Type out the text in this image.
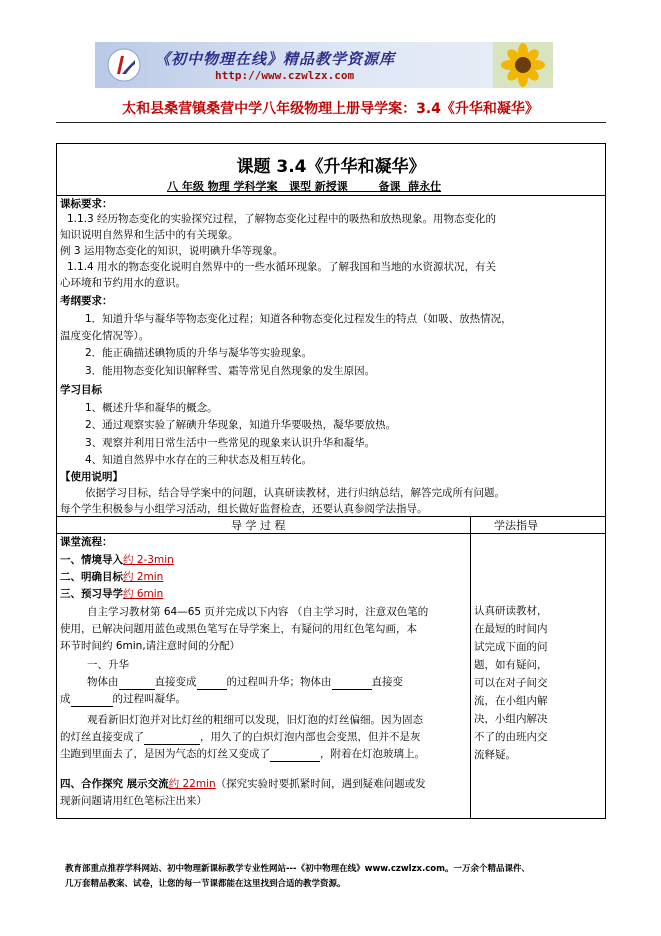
《初中物理在线》精品教学资源库
http://www.czwlzx.com
太和县桑营镇桑营中学八年级物理上册导学案：3.4《升华和凝华》
课题 3.4《升华和凝华》
八 年级 物理 学科学案   课型 新授课        备课  薛永仕
课标要求：
1.1.3 经历物态变化的实验探究过程，了解物态变化过程中的吸热和放热现象。用物态变化的
知识说明自然界和生活中的有关现象。
例 3 运用物态变化的知识，说明碘升华等现象。
1.1.4 用水的物态变化说明自然界中的一些水循环现象。了解我国和当地的水资源状况，有关
心环境和节约用水的意识。
考纲要求：
1．知道升华与凝华等物态变化过程；知道各种物态变化过程发生的特点（如吸、放热情况，
温度变化情况等）。
2．能正确描述碘物质的升华与凝华等实验现象。
3．能用物态变化知识解释雪、霜等常见自然现象的发生原因。
学习目标
1、概述升华和凝华的概念。
2、通过观察实验了解碘升华现象，知道升华要吸热，凝华要放热。
3、观察并利用日常生活中一些常见的现象来认识升华和凝华。
4、知道自然界中水存在的三种状态及相互转化。
【使用说明】
依据学习目标，结合导学案中的问题，认真研读教材，进行归纳总结，解答完成所有问题。
每个学生积极参与小组学习活动，组长做好监督检查，还要认真参阅学法指导。
导 学 过 程	学法指导
课堂流程：
一、情境导入约 2-3min
二、明确目标约 2min
三、预习导学约 6min
自主学习教材第 64—65 页并完成以下内容 （自主学习时，注意双色笔的
使用，已解决问题用蓝色或黑色笔写在导学案上，有疑问的用红色笔勾画，本
环节时间约 6min,请注意时间的分配）
一、升华
物体由	直接变成	的过程叫升华；物体由	直接变
成	的过程叫凝华。
观看新旧灯泡并对比灯丝的粗细可以发现，旧灯泡的灯丝偏细。因为固态
的灯丝直接变成了	，用久了的白炽灯泡内部也会变黑，但并不是灰
尘跑到里面去了，是因为气态的灯丝又变成了	，附着在灯泡玻璃上。
四、合作探究 展示交流约 22min（探究实验时要抓紧时间，遇到疑难问题或发
现新问题请用红色笔标注出来）
认真研读教材，在最短的时间内试完成下面的问题，如有疑问，可以在对子间交流，在小组内解决，小组内解决不了的由班内交流释疑。
教育部重点推荐学科网站、初中物理新课标教学专业性网站---《初中物理在线》www.czwlzx.com。一万余个精品课件、
几万套精品教案、试卷，让您的每一节课都能在这里找到合适的教学资源。
